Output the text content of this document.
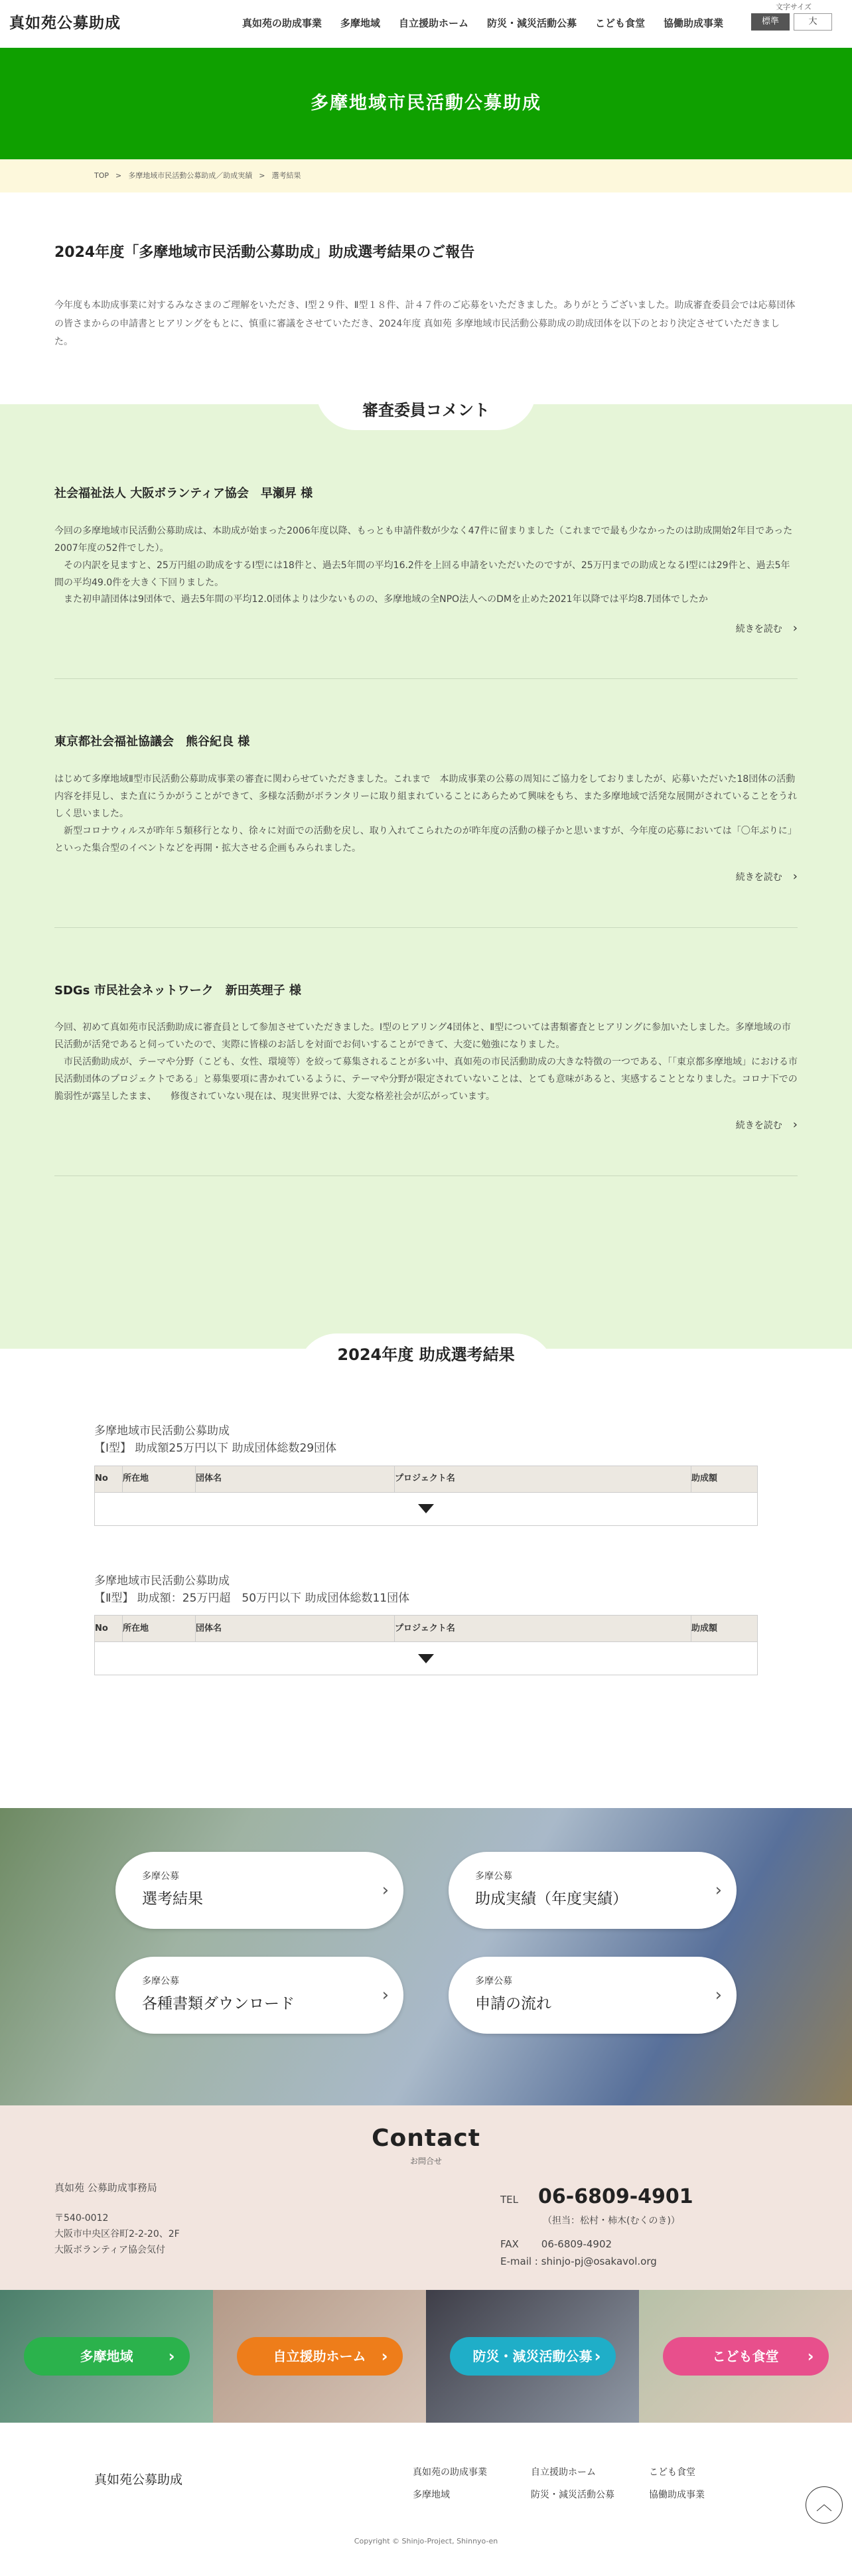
真如苑公募助成	真如苑の助成事業 多摩地域 自立援助ホーム 防災・減災活動公募 こども食堂 協働助成事業
文字サイズ
標準	大
多摩地域市民活動公募助成
TOP > 多摩地域市民活動公募助成／助成実績 > 選考結果
2024年度「多摩地域市民活動公募助成」助成選考結果のご報告

今年度も本助成事業に対するみなさまのご理解をいただき、Ⅰ型２９件、Ⅱ型１８件、計４７件のご応募をいただきました。ありがとうございました。助成審査委員会では応募団体の皆さまからの申請書とヒアリングをもとに、慎重に審議をさせていただき、2024年度 真如苑 多摩地域市民活動公募助成の助成団体を以下のとおり決定させていただきました。

審査委員コメント
社会福祉法人 大阪ボランティア協会　早瀬昇 様
今回の多摩地域市民活動公募助成は、本助成が始まった2006年度以降、もっとも申請件数が少なく47件に留まりました（これまでで最も少なかったのは助成開始2年目であった2007年度の52件でした）。
　その内訳を見ますと、25万円組の助成をするⅠ型には18件と、過去5年間の平均16.2件を上回る申請をいただいたのですが、25万円までの助成となるⅠ型には29件と、過去5年間の平均49.0件を大きく下回りました。
　また初申請団体は9団体で、過去5年間の平均12.0団体よりは少ないものの、多摩地域の全NPO法人へのDMを止めた2021年以降では平均8.7団体でしたか
続きを読む ›
東京都社会福祉協議会　熊谷紀良 様
はじめて多摩地域Ⅱ型市民活動公募助成事業の審査に関わらせていただきました。これまで　本助成事業の公募の周知にご協力をしておりましたが、応募いただいた18団体の活動内容を拝見し、また直にうかがうことができて、多様な活動がボランタリーに取り組まれていることにあらためて興味をもち、また多摩地域で活発な展開がされていることをうれしく思いました。
　新型コロナウィルスが昨年５類移行となり、徐々に対面での活動を戻し、取り入れてこられたのが昨年度の活動の様子かと思いますが、今年度の応募においては「〇年ぶりに」といった集合型のイベントなどを再開・拡大させる企画もみられました。
続きを読む ›
SDGs 市民社会ネットワーク　新田英理子 様
今回、初めて真如苑市民活動助成に審査員として参加させていただきました。Ⅰ型のヒアリング4団体と、Ⅱ型については書類審査とヒアリングに参加いたしました。多摩地域の市民活動が活発であると伺っていたので、実際に皆様のお話しを対面でお伺いすることができて、大変に勉強になりました。
　市民活動助成が、テーマや分野（こども、女性、環境等）を絞って募集されることが多い中、真如苑の市民活動助成の大きな特徴の一つである、「「東京都多摩地域」における市民活動団体のプロジェクトである」と募集要項に書かれているように、テーマや分野が限定されていないことは、とても意味があると、実感することとなりました。コロナ下での脆弱性が露呈したまま、　　修復されていない現在は、現実世界では、大変な格差社会が広がっています。
続きを読む ›
2024年度 助成選考結果
多摩地域市民活動公募助成
【Ⅰ型】 助成額25万円以下 助成団体総数29団体
No	所在地	団体名	プロジェクト名	助成額

多摩地域市民活動公募助成
【Ⅱ型】 助成額：25万円超　50万円以下 助成団体総数11団体
No	所在地	団体名	プロジェクト名	助成額

多摩公募
選考結果
›
多摩公募
助成実績（年度実績）
›
多摩公募
各種書類ダウンロード
›
多摩公募
申請の流れ
›
Contact
お問合せ
真如苑 公募助成事務局
〒540-0012
大阪市中央区谷町2-2-20、2F
大阪ボランティア協会気付
TEL 06-6809-4901
（担当：松村・柿木(むくのき)）
FAX 06-6809-4902
E-mail : shinjo-pj@osakavol.org
多摩地域 ›	自立援助ホーム ›	防災・減災活動公募 ›	こども食堂 ›
真如苑公募助成	真如苑の助成事業	自立援助ホーム	こども食堂
多摩地域	防災・減災活動公募	協働助成事業
︿
Copyright © Shinjo-Project, Shinnyo-en
